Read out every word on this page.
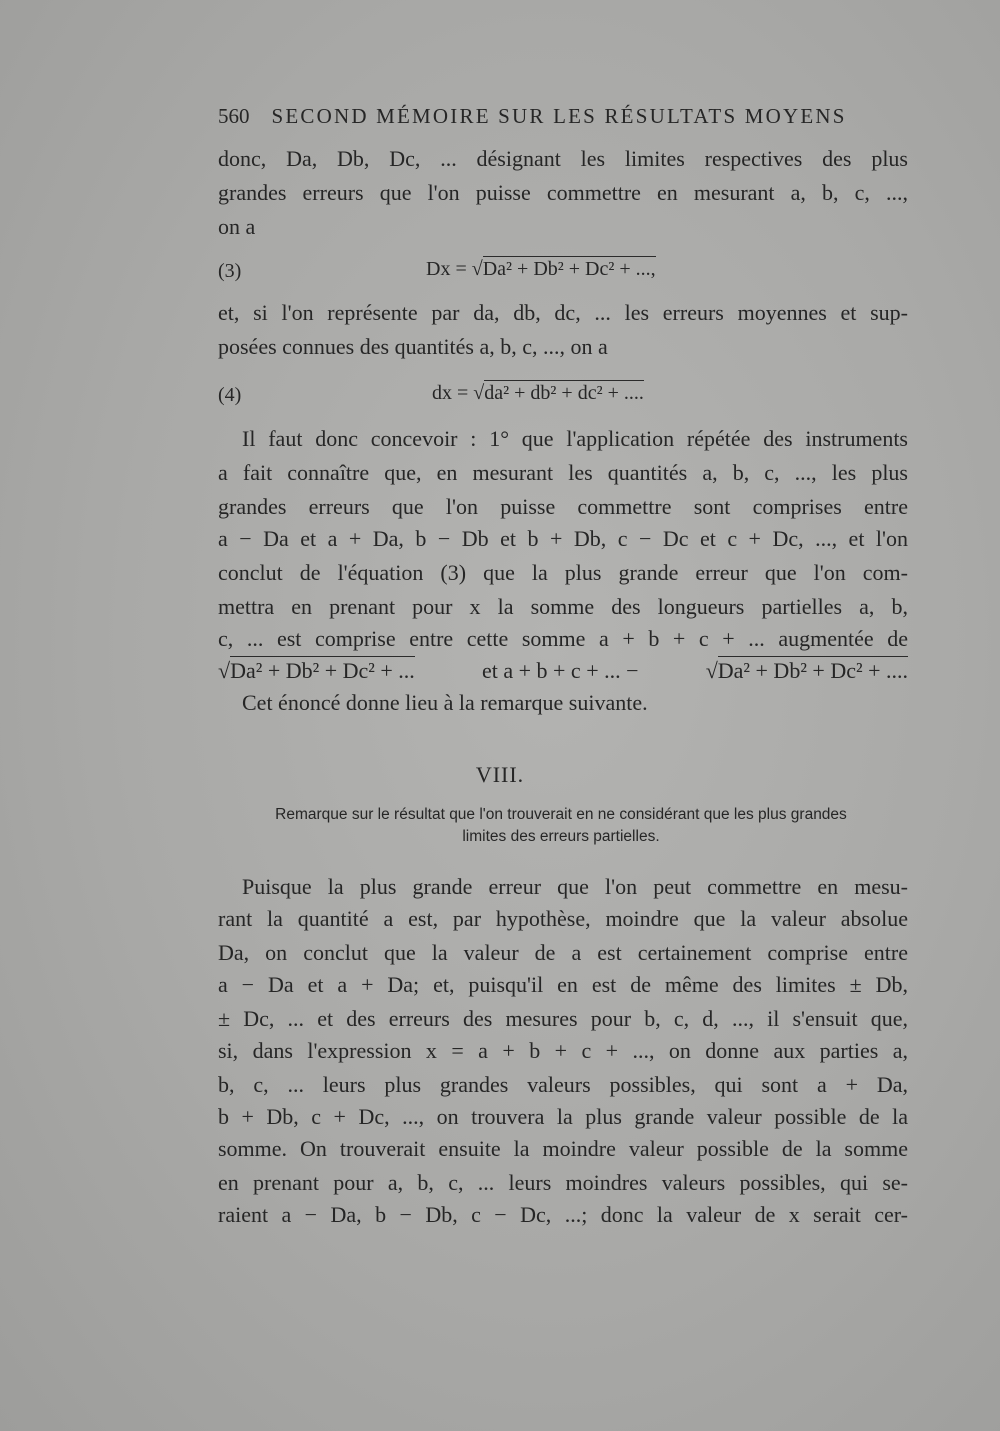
560 SECOND MÉMOIRE SUR LES RÉSULTATS MOYENS
donc, Da, Db, Dc, ... désignant les limites respectives des plus
grandes erreurs que l'on puisse commettre en mesurant a, b, c, ...,
on a
(3)	Dx = √Da² + Db² + Dc² + ...,
et, si l'on représente par da, db, dc, ... les erreurs moyennes et sup-
posées connues des quantités a, b, c, ..., on a
(4)	dx = √da² + db² + dc² + ....
Il faut donc concevoir : 1° que l'application répétée des instruments
a fait connaître que, en mesurant les quantités a, b, c, ..., les plus
grandes erreurs que l'on puisse commettre sont comprises entre
a − Da et a + Da, b − Db et b + Db, c − Dc et c + Dc, ..., et l'on
conclut de l'équation (3) que la plus grande erreur que l'on com-
mettra en prenant pour x la somme des longueurs partielles a, b,
c, ... est comprise entre cette somme a + b + c + ... augmentée de
√Da² + Db² + Dc² + ...	et a + b + c + ... −	√Da² + Db² + Dc² + ....
Cet énoncé donne lieu à la remarque suivante.
VIII.
Remarque sur le résultat que l'on trouverait en ne considérant que les plus grandes
limites des erreurs partielles.
Puisque la plus grande erreur que l'on peut commettre en mesu-
rant la quantité a est, par hypothèse, moindre que la valeur absolue
Da, on conclut que la valeur de a est certainement comprise entre
a − Da et a + Da; et, puisqu'il en est de même des limites ± Db,
± Dc, ... et des erreurs des mesures pour b, c, d, ..., il s'ensuit que,
si, dans l'expression x = a + b + c + ..., on donne aux parties a,
b, c, ... leurs plus grandes valeurs possibles, qui sont a + Da,
b + Db, c + Dc, ..., on trouvera la plus grande valeur possible de la
somme. On trouverait ensuite la moindre valeur possible de la somme
en prenant pour a, b, c, ... leurs moindres valeurs possibles, qui se-
raient a − Da, b − Db, c − Dc, ...; donc la valeur de x serait cer-
